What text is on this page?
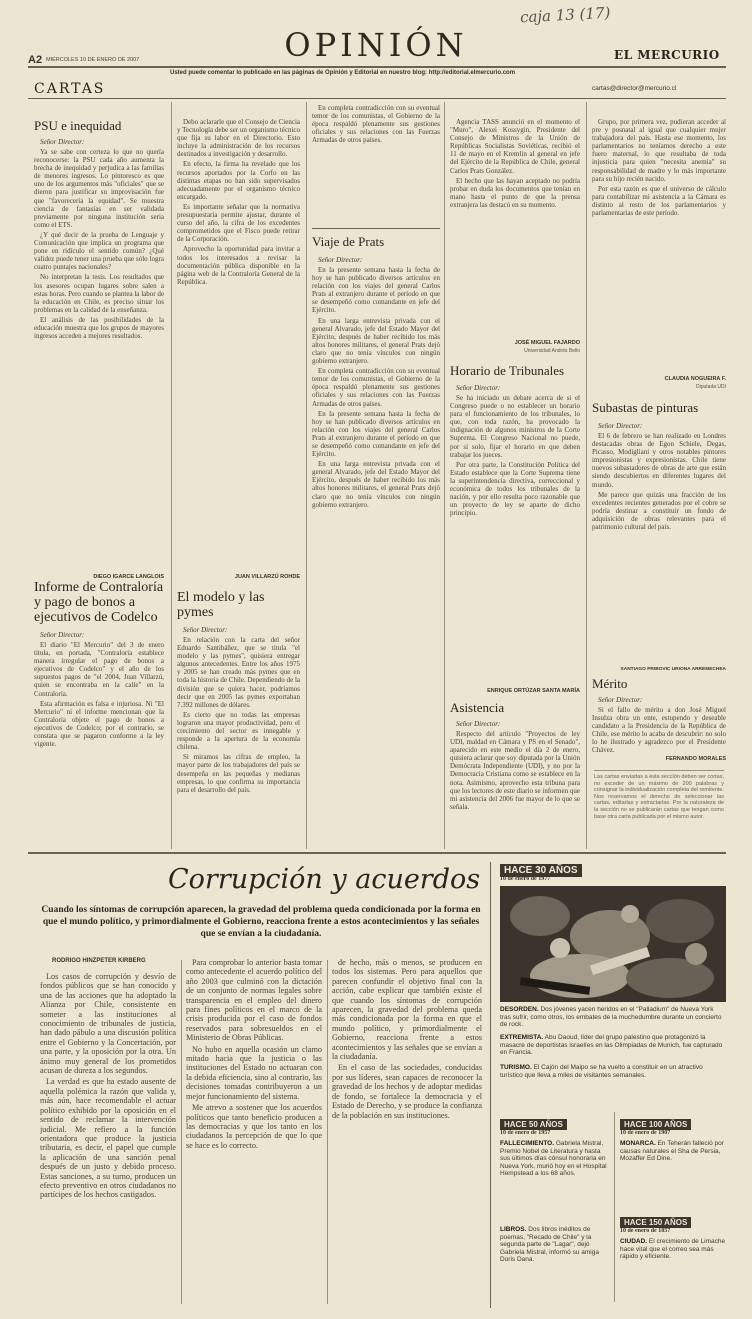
caja 13 (17)
A2 MIÉRCOLES 10 DE ENERO DE 2007	OPINIÓN	EL MERCURIO
Usted puede comentar lo publicado en las páginas de Opinión y Editorial en nuestro blog: http://editorial.elmercurio.com
CARTAS	cartas@director@mercurio.cl
PSU e inequidad
Señor Director:

Ya se sabe con certeza lo que no quería reconocerse: la PSU cada año aumenta la brecha de inequidad y perjudica a las familias de menores ingresos. Lo pintoresco es que uno de los argumentos más "oficiales" que se dieron para justificar su improvisación fue que "favorecería la equidad". Se muestra ciencia de fantasías en ser validada previamente por ninguna institución seria como el ETS.

¿Y qué decir de la prueba de Lenguaje y Comunicación que implica un programa que pone en ridículo el sentido común? ¿Qué validez puede tener una prueba que sólo logra cuatro puntajes nacionales?

No interpretan la tesis. Los resultados que los asesores ocupan lugares sobre salen a estas horas. Pero cuando se plantea la labor de la educación en Chile, es preciso situar los problemas en la calidad de la enseñanza.

El análisis de las posibilidades de la educación muestra que los grupos de mayores ingresos acceden a mejores resultados.

DIEGO IGARCE LANGLOIS
Informe de Contraloría y pago de bonos a ejecutivos de Codelco
Señor Director:

El diario "El Mercurio" del 3 de enero titula, en portada, "Contraloría establece manera irregular el pago de bonos a ejecutivos de Codelco" y el año de los supuestos pagos de "el 2004, Juan Villarzú, quien se encontraba en la calle" en la Contraloría.

Esta afirmación es falsa e injuriosa. Ni "El Mercurio" ni el informe mencionan que la Contraloría objete el pago de bonos a ejecutivos de Codelco; por el contrario, se constata que se pagaron conforme a la ley vigente.

Debo aclararle que el Consejo de Ciencia y Tecnología debe ser un organismo técnico que fija su labor en el Directorio. Esto incluye la administración de los recursos destinados a investigación y desarrollo.

En efecto, la firma ha revelado que los recursos aportados por la Corfo en las distintas etapas no han sido supervisados adecuadamente por el organismo técnico encargado.

Es importante señalar que la normativa presupuestaria permite ajustar, durante el curso del año, la cifra de los excedentes comprometidos que el Fisco puede retirar de la Corporación.

Aprovecho la oportunidad para invitar a todos los interesados a revisar la documentación pública disponible en la página web de la Contraloría General de la República.

JUAN VILLARZÚ ROHDE
El modelo y las pymes
Señor Director:

En relación con la carta del señor Eduardo Santibáñez, que se titula "el modelo y las pymes", quisiera entregar algunos antecedentes. Entre los años 1975 y 2005 se han creado más pymes que en toda la historia de Chile. Dependiendo de la división que se quiera hacer, podríamos decir que en 2005 las pymes exportaban 7.392 millones de dólares.

Es cierto que no todas las empresas lograron una mayor productividad, pero el crecimiento del sector es innegable y responde a la apertura de la economía chilena.

Si miramos las cifras de empleo, la mayor parte de los trabajadores del país se desempeña en las pequeñas y medianas empresas, lo que confirma su importancia para el desarrollo del país.

En completa contradicción con su eventual temor de los comunistas, el Gobierno de la época respaldó plenamente sus gestiones oficiales y sus relaciones con las Fuerzas Armadas de otros países.

Viaje de Prats
Señor Director:

En la presente semana hasta la fecha de hoy se han publicado diversos artículos en relación con los viajes del general Carlos Prats al extranjero durante el período en que se desempeñó como comandante en jefe del Ejército.

En una larga entrevista privada con el general Alvarado, jefe del Estado Mayor del Ejército, después de haber recibido los más altos honores militares, el general Prats dejó claro que no tenía vínculos con ningún gobierno extranjero.

En completa contradicción con su eventual temor de los comunistas, el Gobierno de la época respaldó plenamente sus gestiones oficiales y sus relaciones con las Fuerzas Armadas de otros países.

En la presente semana hasta la fecha de hoy se han publicado diversos artículos en relación con los viajes del general Carlos Prats al extranjero durante el período en que se desempeñó como comandante en jefe del Ejército.

En una larga entrevista privada con el general Alvarado, jefe del Estado Mayor del Ejército, después de haber recibido los más altos honores militares, el general Prats dejó claro que no tenía vínculos con ningún gobierno extranjero.

Agencia TASS anunció en el momento el "Muro", Alexei Kossygin, Presidente del Consejo de Ministros de la Unión de Repúblicas Socialistas Soviéticas, recibió el 11 de mayo en el Kremlin al general en jefe del Ejército de la República de Chile, general Carlos Prats González.

El hecho que las hayan aceptado no podría probar en duda los documentos que tenían en mano hasta el punto de que la prensa extranjera las destacó en su momento.

JOSÉ MIGUEL FAJARDO
Universidad Andrés Bello
Horario de Tribunales
Señor Director:

Se ha iniciado un debate acerca de si el Congreso puede o no establecer un horario para el funcionamiento de los tribunales, lo que, con toda razón, ha provocado la indignación de algunos ministros de la Corte Suprema. El Congreso Nacional no puede, por sí solo, fijar el horario en que deben trabajar los jueces.

Por otra parte, la Constitución Política del Estado establece que la Corte Suprema tiene la superintendencia directiva, correccional y económica de todos los tribunales de la nación, y por ello resulta poco razonable que un proyecto de ley se aparte de dicho principio.

ENRIQUE ORTÚZAR SANTA MARÍA
Asistencia
Señor Director:

Respecto del artículo "Proyectos de ley UDI, maldad en Cámara y PS en el Senado", aparecido en este medio el día 2 de enero, quisiera aclarar que soy diputada por la Unión Demócrata Independiente (UDI), y no por la Democracia Cristiana como se establece en la nota. Asimismo, aprovecho esta tribuna para que los lectores de este diario se informen que mi asistencia del 2006 fue mayor de lo que se señala.

Grupo, por primera vez, pudieran acceder al pre y posnatal al igual que cualquier mujer trabajadora del país. Hasta ese momento, los parlamentarios no teníamos derecho a este fuero maternal, lo que resultaba de toda injusticia para quien "necesita anemia" su responsabilidad de madre y lo más importante para su hijo recién nacido.

Por esta razón es que el universo de cálculo para contabilizar mi asistencia a la Cámara es distinto al resto de los parlamentarios y parlamentarias de este período.

CLAUDIA NOGUEIRA F.
Diputada UDI
Subastas de pinturas
Señor Director:

El 6 de febrero se han realizado en Londres destacadas obras de Egon Schiele, Degas, Picasso, Modigliani y otros notables pintores impresionistas y expresionistas. Chile tiene nuevos subastadores de obras de arte que están siendo descubiertos en diferentes lugares del mundo.

Me parece que quizás una fracción de los excedentes recientes generados por el cobre se podría destinar a constituir un fondo de adquisición de obras relevantes para el patrimonio cultural del país.

SANTIAGO PRIBOVIC URIONA ARREMECHEA
Mérito
Señor Director:

Si el fallo de mérito a don José Miguel Insulza obra un ente, estupendo y deseable candidato a la Presidencia de la República de Chile, ese mérito lo acaba de descubrir: no solo lo he ilustrado y agradezco por el Presidente Chávez.

FERNANDO MORALES
Las cartas enviadas a esta sección deben ser cortas, no exceder de un máximo de 200 palabras y consignar la individualización completa del remitente. Nos reservamos el derecho de seleccionar las cartas, editarlas y extractarlas. Por la naturaleza de la sección no se publicarán cartas que tengan como base otra carta publicada por el mismo autor.
Corrupción y acuerdos
Cuando los síntomas de corrupción aparecen, la gravedad del problema queda condicionada por la forma en que el mundo político, y primordialmente el Gobierno, reacciona frente a estos acontecimientos y las señales que se envían a la ciudadanía.
RODRIGO HINZPETER KIRBERG

Los casos de corrupción y desvío de fondos públicos que se han conocido y una de las acciones que ha adoptado la Alianza por Chile, consistente en someter a las instituciones al conocimiento de tribunales de justicia, han dado pábulo a una discusión política entre el Gobierno y la Concertación, por una parte, y la oposición por la otra. Un ánimo muy general de los prometidos acusan de dureza a los segundos.

La verdad es que ha estado ausente de aquella polémica la razón que valida y, más aún, hace recomendable el actuar político exhibido por la oposición en el sentido de reclamar la intervención judicial. Me refiero a la función orientadora que produce la justicia tributaria, es decir, el papel que cumple la aplicación de una sanción penal después de un justo y debido proceso. Estas sanciones, a su turno, producen un efecto preventivo en otros ciudadanos no partícipes de los hechos castigados.

Para comprobar lo anterior basta tomar como antecedente el acuerdo político del año 2003 que culminó con la dictación de un conjunto de normas legales sobre transparencia en el empleo del dinero para fines políticos en el marco de la crisis producida por el caso de fondos reservados para sobresueldos en el Ministerio de Obras Públicas.

No hubo en aquella ocasión un clamo mitado hacia que la justicia o las instituciones del Estado no actuaran con la debida eficiencia, sino al contrario, las decisiones tomadas contribuyeron a un mejor funcionamiento del sistema.

Me atrevo a sostener que los acuerdos políticos que tanto beneficio producen a las democracias y que los tanto en los ciudadanos la percepción de que lo que se hace es lo correcto.

de hecho, más o menos, se producen en todos los sistemas. Pero para aquellos que parecen confundir el objetivo final con la acción, cabe explicar que también existe el que cuando los síntomas de corrupción aparecen, la gravedad del problema queda más condicionada por la forma en que el mundo político, y primordialmente el Gobierno, reacciona frente a estos acontecimientos y las señales que se envían a la ciudadanía.

En el caso de las sociedades, conducidas por sus líderes, sean capaces de reconocer la gravedad de los hechos y de adoptar medidas de fondo, se fortalece la democracia y el Estado de Derecho, y se produce la confianza de la población en sus instituciones.

HACE 30 AÑOS
10 de enero de 1977
DESORDEN. Dos jóvenes yacen heridos en el "Palladium" de Nueva York tras sufrir, como otros, los embates de la muchedumbre durante un concierto de rock.
EXTREMISTA. Abu Daoud, líder del grupo palestino que protagonizó la masacre de deportistas israelíes en las Olimpiadas de Munich, fue capturado en Francia.
TURISMO. El Cajón del Maipo se ha vuelto a constituir en un atractivo turístico que lleva a miles de visitantes semanales.
HACE 50 AÑOS
10 de enero de 1957
FALLECIMIENTO. Gabriela Mistral, Premio Nobel de Literatura y hasta sus últimos días cónsul honoraria en Nueva York, murió hoy en el Hospital Hempstead a los 68 años.
LIBROS. Dos libros inéditos de poemas, "Recado de Chile" y la segunda parte de "Lagar", dejó Gabriela Mistral, informó su amiga Doris Dana.
HACE 100 AÑOS
10 de enero de 1907
MONARCA. En Teherán falleció por causas naturales el Sha de Persia, Mozaffer Ed Dine.
HACE 150 AÑOS
10 de enero de 1857
CIUDAD. El crecimiento de Limache hace vital que el correo sea más rápido y eficiente.
